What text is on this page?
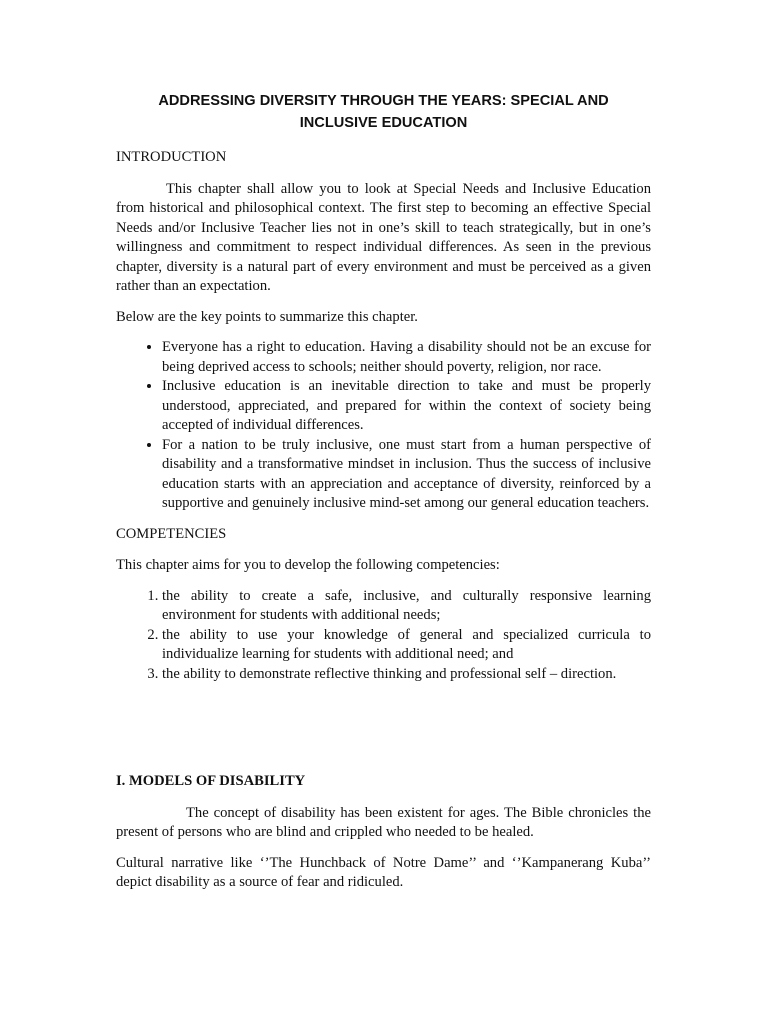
ADDRESSING DIVERSITY THROUGH THE YEARS: SPECIAL AND
INCLUSIVE EDUCATION
INTRODUCTION

This chapter shall allow you to look at Special Needs and Inclusive Education from historical and philosophical context. The first step to becoming an effective Special Needs and/or Inclusive Teacher lies not in one’s skill to teach strategically, but in one’s willingness and commitment to respect individual differences. As seen in the previous chapter, diversity is a natural part of every environment and must be perceived as a given rather than an expectation.

Below are the key points to summarize this chapter.

• Everyone has a right to education. Having a disability should not be an excuse for being deprived access to schools; neither should poverty, religion, nor race.
• Inclusive education is an inevitable direction to take and must be properly understood, appreciated, and prepared for within the context of society being accepted of individual differences.
• For a nation to be truly inclusive, one must start from a human perspective of disability and a transformative mindset in inclusion. Thus the success of inclusive education starts with an appreciation and acceptance of diversity, reinforced by a supportive and genuinely inclusive mind-set among our general education teachers.
COMPETENCIES

This chapter aims for you to develop the following competencies:

1. the ability to create a safe, inclusive, and culturally responsive learning environment for students with additional needs;
2. the ability to use your knowledge of general and specialized curricula to individualize learning for students with additional need; and
3. the ability to demonstrate reflective thinking and professional self – direction.
I. MODELS OF DISABILITY

The concept of disability has been existent for ages. The Bible chronicles the present of persons who are blind and crippled who needed to be healed.

Cultural narrative like ‘’The Hunchback of Notre Dame’’ and ‘’Kampanerang Kuba’’ depict disability as a source of fear and ridiculed.
